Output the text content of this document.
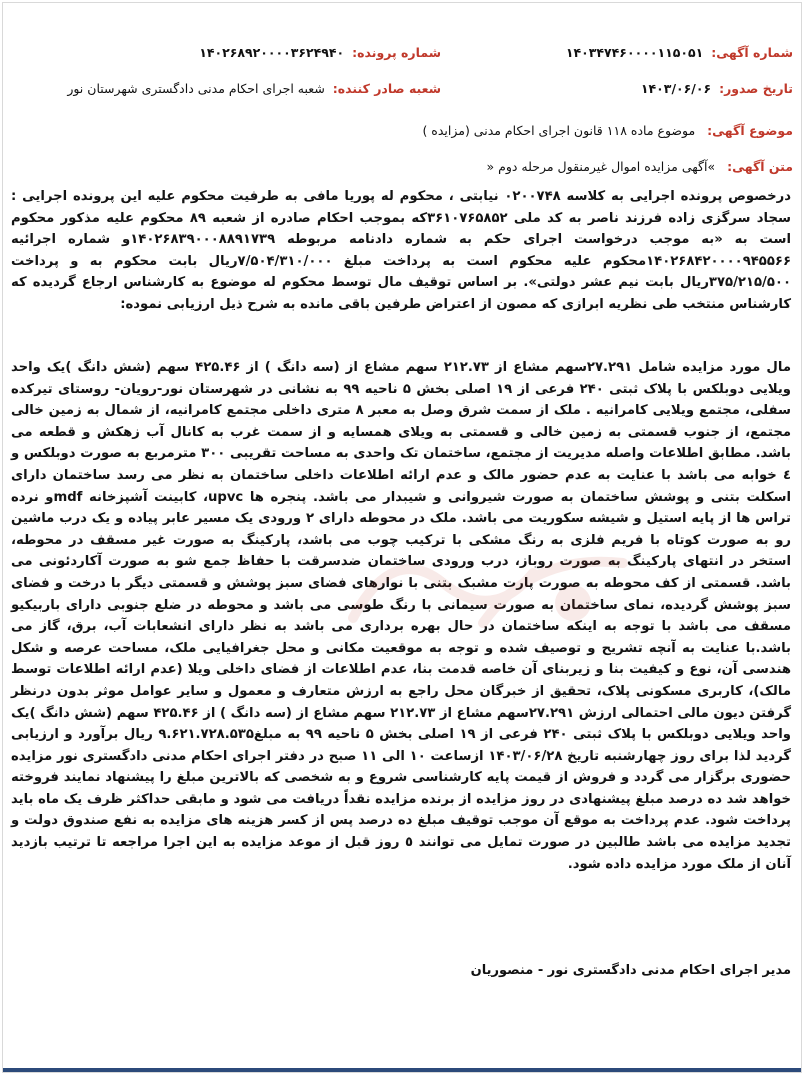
شماره آگهی:
۱۴۰۳۴۷۴۶۰۰۰۰۱۱۵۰۵۱
شماره پرونده:
۱۴۰۲۶۸۹۲۰۰۰۰۳۶۲۴۹۴۰
تاریخ صدور:
۱۴۰۳/۰۶/۰۶
شعبه صادر کننده:
شعبه اجرای احکام مدنی دادگستری شهرستان نور
موضوع آگهی: موضوع ماده ۱۱۸ قانون اجرای احکام مدنی (مزایده )
متن آگهی: »آگهی مزایده اموال غیرمنقول مرحله دوم «
درخصوص پرونده اجرایی به کلاسه ۰۲۰۰۷۴۸ نیابتی ، محکوم له پوریا مافی به طرفیت محکوم علیه این پرونده اجرایی : سجاد سرگزی زاده فرزند ناصر به کد ملی ۳۶۱۰۷۶۵۸۵۲که بموجب احکام صادره از شعبه ۸۹ محکوم علیه مذکور محکوم است به «به موجب درخواست اجرای حکم به شماره دادنامه مربوطه ۱۴۰۲۶۸۳۹۰۰۰۸۸۹۱۷۳۹و شماره اجرائیه ۱۴۰۲۶۸۴۲۰۰۰۰۹۴۵۵۶۶محکوم علیه محکوم است به پرداخت مبلغ ۷/۵۰۴/۳۱۰/۰۰۰ریال بابت محکوم به و پرداخت ۳۷۵/۲۱۵/۵۰۰ریال بابت نیم عشر دولتی». بر اساس توقیف مال توسط محکوم له موضوع به کارشناس ارجاع گردیده که کارشناس منتخب طی نظریه ابرازی که مصون از اعتراض طرفین باقی مانده به شرح ذیل ارزیابی نموده:
مال مورد مزایده شامل ۲۷.۲۹۱سهم مشاع از ۲۱۲.۷۳ سهم مشاع از (سه دانگ ) از ۴۲۵.۴۶ سهم (شش دانگ )یک واحد ویلایی دوبلکس با پلاک ثبتی ۲۴۰ فرعی از ۱۹ اصلی بخش ۵ ناحیه ۹۹ به نشانی در شهرستان نور-رویان- روستای تیرکده سفلی، مجتمع ویلایی کامرانیه . ملک از سمت شرق وصل به معبر ۸ متری داخلی مجتمع کامرانیه، از شمال به زمین خالی مجتمع، از جنوب قسمتی به زمین خالی و قسمتی به ویلای همسایه و از سمت غرب به کانال آب زهکش و قطعه می باشد. مطابق اطلاعات واصله مدیریت از مجتمع، ساختمان تک واحدی به مساحت تقریبی ۳۰۰ مترمربع به صورت دوبلکس و ٤ خوابه می باشد با عنایت به عدم حضور مالک و عدم ارائه اطلاعات داخلی ساختمان به نظر می رسد ساختمان دارای اسکلت بتنی و پوشش ساختمان به صورت شیروانی و شیبدار می باشد. پنجره ها upvc، کابینت آشپزخانه mdfو نرده تراس ها از پایه استیل و شیشه سکوریت می باشد. ملک در محوطه دارای ۲ ورودی یک مسیر عابر پیاده و یک درب ماشین رو به صورت کوتاه با فریم فلزی به رنگ مشکی با ترکیب چوب می باشد، پارکینگ به صورت غیر مسقف در محوطه، استخر در انتهای پارکینگ به صورت روباز، درب ورودی ساختمان ضدسرقت با حفاظ جمع شو به صورت آکاردئونی می باشد. قسمتی از کف محوطه به صورت پارت مشبک بتنی با نوارهای فضای سبز پوشش و قسمتی دیگر با درخت و فضای سبز پوشش گردیده، نمای ساختمان به صورت سیمانی با رنگ طوسی می باشد و محوطه در ضلع جنوبی دارای باربیکیو مسقف می باشد با توجه به اینکه ساختمان در حال بهره برداری می باشد به نظر دارای انشعابات آب، برق، گاز می باشد.با عنایت به آنچه تشریح و توصیف شده و توجه به موقعیت مکانی و محل جغرافیایی ملک، مساحت عرصه و شکل هندسی آن، نوع و کیفیت بنا و زیربنای آن خاصه قدمت بنا، عدم اطلاعات از فضای داخلی ویلا (عدم ارائه اطلاعات توسط مالک)، کاربری مسکونی پلاک، تحقیق از خبرگان محل راجع به ارزش متعارف و معمول و سایر عوامل موثر بدون درنظر گرفتن دیون مالی احتمالی ارزش ۲۷.۲۹۱سهم مشاع از ۲۱۲.۷۳ سهم مشاع از (سه دانگ ) از ۴۲۵.۴۶ سهم (شش دانگ )یک واحد ویلایی دوبلکس با پلاک ثبتی ۲۴۰ فرعی از ۱۹ اصلی بخش ۵ ناحیه ۹۹ به مبلغ۹.۶۲۱.۷۲۸.۵۳۵ ریال برآورد و ارزیابی گردید لذا برای روز چهارشنبه تاریخ ۱۴۰۳/۰۶/۲۸ ازساعت ۱۰ الی ۱۱ صبح در دفتر اجرای احکام مدنی دادگستری نور مزایده حضوری برگزار می گردد و فروش از قیمت پایه کارشناسی شروع و به شخصی که بالاترین مبلغ را پیشنهاد نمایند فروخته خواهد شد ده درصد مبلغ پیشنهادی در روز مزایده از برنده مزایده نقداً دریافت می شود و مابقی حداکثر ظرف یک ماه باید پرداخت شود. عدم پرداخت به موقع آن موجب توقیف مبلغ ده درصد پس از کسر هزینه های مزایده به نفع صندوق دولت و تجدید مزایده می باشد طالبین در صورت تمایل می توانند ٥ روز قبل از موعد مزایده به این اجرا مراجعه تا ترتیب بازدید آنان از ملک مورد مزایده داده شود.
مدیر اجرای احکام مدنی دادگستری نور - منصوریان
